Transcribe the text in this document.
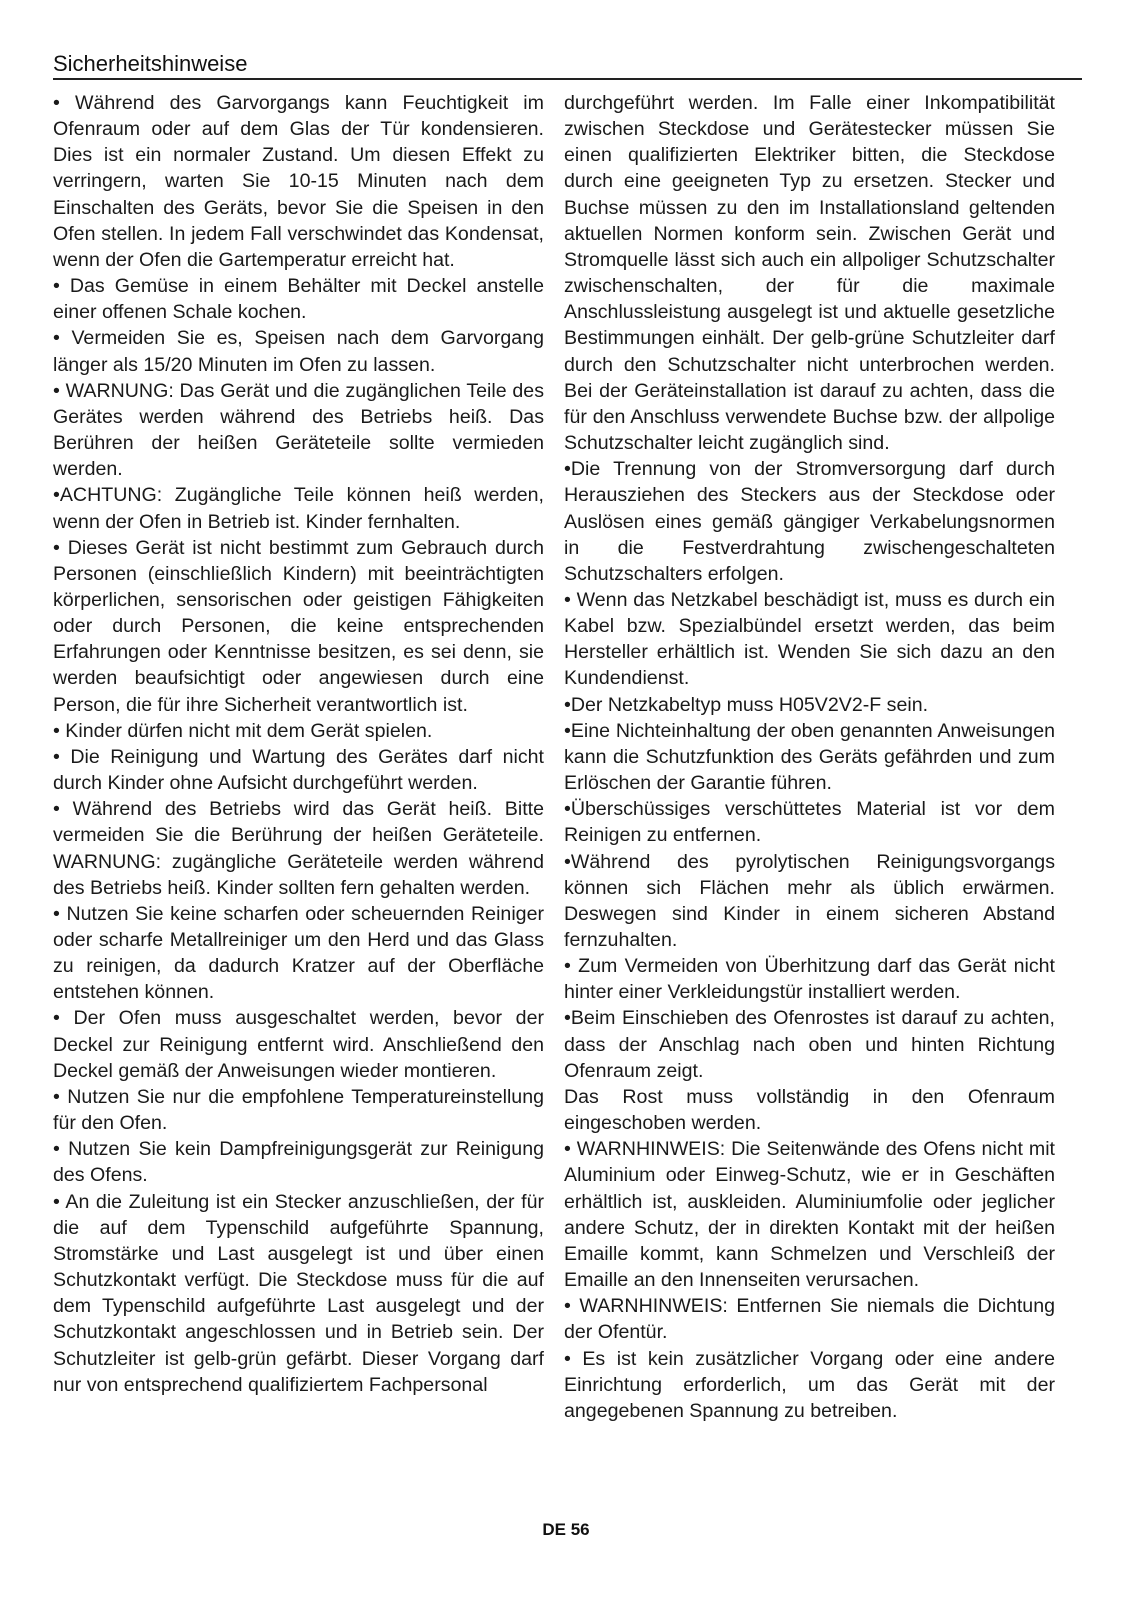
Sicherheitshinweise

• Während des Garvorgangs kann Feuchtigkeit im Ofenraum oder auf dem Glas der Tür kondensieren. Dies ist ein normaler Zustand. Um diesen Effekt zu verringern, warten Sie 10-15 Minuten nach dem Einschalten des Geräts, bevor Sie die Speisen in den Ofen stellen. In jedem Fall verschwindet das Kondensat, wenn der Ofen die Gartemperatur erreicht hat.

• Das Gemüse in einem Behälter mit Deckel anstelle einer offenen Schale kochen.

• Vermeiden Sie es, Speisen nach dem Garvorgang länger als 15/20 Minuten im Ofen zu lassen.

• WARNUNG: Das Gerät und die zugänglichen Teile des Gerätes werden während des Betriebs heiß. Das Berühren der heißen Geräteteile sollte vermieden werden.

•ACHTUNG: Zugängliche Teile können heiß werden, wenn der Ofen in Betrieb ist. Kinder fernhalten.

• Dieses Gerät ist nicht bestimmt zum Gebrauch durch Personen (einschließlich Kindern) mit beeinträchtigten körperlichen, sensorischen oder geistigen Fähigkeiten oder durch Personen, die keine entsprechenden Erfahrungen oder Kenntnisse besitzen, es sei denn, sie werden beaufsichtigt oder angewiesen durch eine Person, die für ihre Sicherheit verantwortlich ist.

• Kinder dürfen nicht mit dem Gerät spielen.

• Die Reinigung und Wartung des Gerätes darf nicht durch Kinder ohne Aufsicht durchgeführt werden.

• Während des Betriebs wird das Gerät heiß. Bitte vermeiden Sie die Berührung der heißen Geräteteile. WARNUNG: zugängliche Geräteteile werden während des Betriebs heiß. Kinder sollten fern gehalten werden.

• Nutzen Sie keine scharfen oder scheuernden Reiniger oder scharfe Metallreiniger um den Herd und das Glass zu reinigen, da dadurch Kratzer auf der Oberfläche entstehen können.

• Der Ofen muss ausgeschaltet werden, bevor der Deckel zur Reinigung entfernt wird. Anschließend den Deckel gemäß der Anweisungen wieder montieren.

• Nutzen Sie nur die empfohlene Temperatureinstellung für den Ofen.

• Nutzen Sie kein Dampfreinigungsgerät zur Reinigung des Ofens.

• An die Zuleitung ist ein Stecker anzuschließen, der für die auf dem Typenschild aufgeführte Spannung, Stromstärke und Last ausgelegt ist und über einen Schutzkontakt verfügt. Die Steckdose muss für die auf dem Typenschild aufgeführte Last ausgelegt und der Schutzkontakt angeschlossen und in Betrieb sein. Der Schutzleiter ist gelb-grün gefärbt. Dieser Vorgang darf nur von entsprechend qualifiziertem Fachpersonal

durchgeführt werden. Im Falle einer Inkompatibilität zwischen Steckdose und Gerätestecker müssen Sie einen qualifizierten Elektriker bitten, die Steckdose durch eine geeigneten Typ zu ersetzen. Stecker und Buchse müssen zu den im Installationsland geltenden aktuellen Normen konform sein. Zwischen Gerät und Stromquelle lässt sich auch ein allpoliger Schutzschalter zwischenschalten, der für die maximale Anschlussleistung ausgelegt ist und aktuelle gesetzliche Bestimmungen einhält. Der gelb-grüne Schutzleiter darf durch den Schutzschalter nicht unterbrochen werden. Bei der Geräteinstallation ist darauf zu achten, dass die für den Anschluss verwendete Buchse bzw. der allpolige Schutzschalter leicht zugänglich sind.

•Die Trennung von der Stromversorgung darf durch Herausziehen des Steckers aus der Steckdose oder Auslösen eines gemäß gängiger Verkabelungsnormen in die Festverdrahtung zwischengeschalteten Schutzschalters erfolgen.

• Wenn das Netzkabel beschädigt ist, muss es durch ein Kabel bzw. Spezialbündel ersetzt werden, das beim Hersteller erhältlich ist. Wenden Sie sich dazu an den Kundendienst.

•Der Netzkabeltyp muss H05V2V2-F sein.

•Eine Nichteinhaltung der oben genannten Anweisungen kann die Schutzfunktion des Geräts gefährden und zum Erlöschen der Garantie führen.

•Überschüssiges verschüttetes Material ist vor dem Reinigen zu entfernen.

•Während des pyrolytischen Reinigungsvorgangs können sich Flächen mehr als üblich erwärmen. Deswegen sind Kinder in einem sicheren Abstand fernzuhalten.

• Zum Vermeiden von Überhitzung darf das Gerät nicht hinter einer Verkleidungstür installiert werden.

•Beim Einschieben des Ofenrostes ist darauf zu achten, dass der Anschlag nach oben und hinten Richtung Ofenraum zeigt.

Das Rost muss vollständig in den Ofenraum eingeschoben werden.

• WARNHINWEIS: Die Seitenwände des Ofens nicht mit Aluminium oder Einweg-Schutz, wie er in Geschäften erhältlich ist, auskleiden. Aluminiumfolie oder jeglicher andere Schutz, der in direkten Kontakt mit der heißen Emaille kommt, kann Schmelzen und Verschleiß der Emaille an den Innenseiten verursachen.

• WARNHINWEIS: Entfernen Sie niemals die Dichtung der Ofentür.

• Es ist kein zusätzlicher Vorgang oder eine andere Einrichtung erforderlich, um das Gerät mit der angegebenen Spannung zu betreiben.

DE 56
